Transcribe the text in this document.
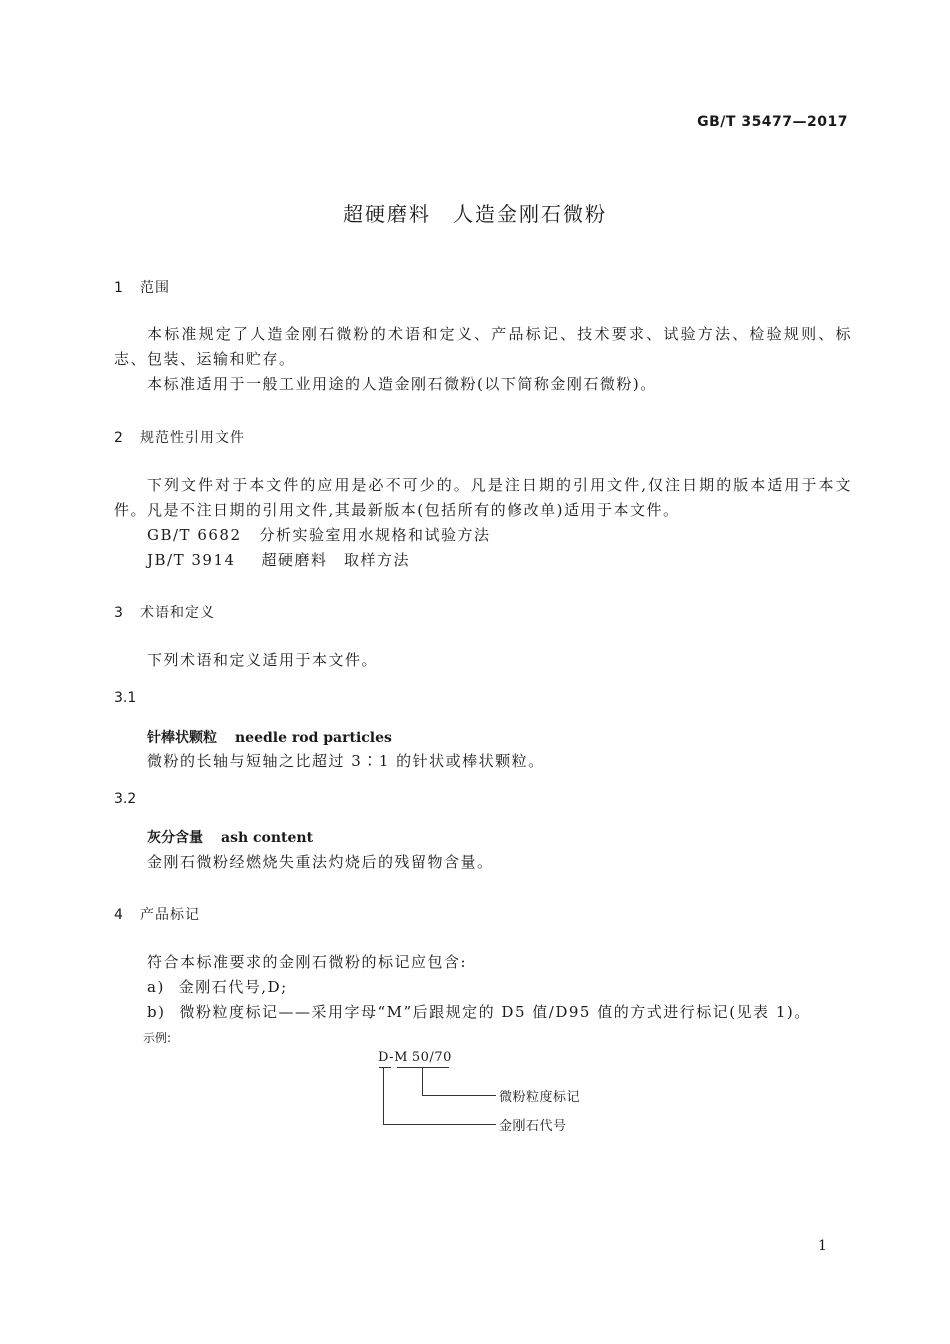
GB/T 35477—2017
超硬磨料　人造金刚石微粉
1 范围
本标准规定了人造金刚石微粉的术语和定义、产品标记、技术要求、试验方法、检验规则、标志、包装、运输和贮存。
本标准适用于一般工业用途的人造金刚石微粉(以下简称金刚石微粉)。
2 规范性引用文件
下列文件对于本文件的应用是必不可少的。凡是注日期的引用文件,仅注日期的版本适用于本文件。凡是不注日期的引用文件,其最新版本(包括所有的修改单)适用于本文件。
GB/T 6682 分析实验室用水规格和试验方法
JB/T 3914 超硬磨料　取样方法
3 术语和定义
下列术语和定义适用于本文件。
3.1
针棒状颗粒 needle rod particles
微粉的长轴与短轴之比超过 3∶1 的针状或棒状颗粒。
3.2
灰分含量 ash content
金刚石微粉经燃烧失重法灼烧后的残留物含量。
4 产品标记
符合本标准要求的金刚石微粉的标记应包含:
a) 金刚石代号,D;
b) 微粉粒度标记——采用字母“M”后跟规定的 D5 值/D95 值的方式进行标记(见表 1)。
示例:
D-M 50/70
微粉粒度标记
金刚石代号
1
